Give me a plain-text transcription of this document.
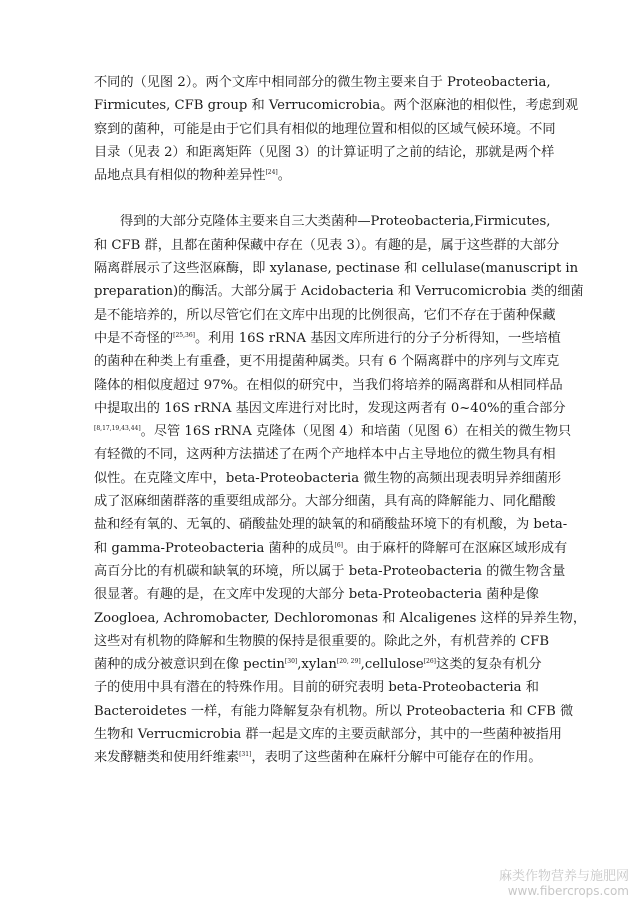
不同的（见图 2）。两个文库中相同部分的微生物主要来自于 Proteobacteria,

Firmicutes, CFB group 和 Verrucomicrobia。两个沤麻池的相似性，考虑到观

察到的菌种，可能是由于它们具有相似的地理位置和相似的区域气候环境。不同

目录（见表 2）和距离矩阵（见图 3）的计算证明了之前的结论，那就是两个样

品地点具有相似的物种差异性[24]。

得到的大部分克隆体主要来自三大类菌种—Proteobacteria,Firmicutes,

和 CFB 群，且都在菌种保藏中存在（见表 3）。有趣的是，属于这些群的大部分

隔离群展示了这些沤麻酶，即 xylanase, pectinase 和 cellulase(manuscript in

preparation)的酶活。大部分属于 Acidobacteria 和 Verrucomicrobia 类的细菌

是不能培养的，所以尽管它们在文库中出现的比例很高，它们不存在于菌种保藏

中是不奇怪的[25,36]。利用 16S rRNA 基因文库所进行的分子分析得知，一些培植

的菌种在种类上有重叠，更不用提菌种属类。只有 6 个隔离群中的序列与文库克

隆体的相似度超过 97%。在相似的研究中，当我们将培养的隔离群和从相同样品

中提取出的 16S rRNA 基因文库进行对比时，发现这两者有 0~40%的重合部分

[8,17,19,43,44]。尽管 16S rRNA 克隆体（见图 4）和培菌（见图 6）在相关的微生物只

有轻微的不同，这两种方法描述了在两个产地样本中占主导地位的微生物具有相

似性。在克隆文库中，beta-Proteobacteria 微生物的高频出现表明异养细菌形

成了沤麻细菌群落的重要组成部分。大部分细菌，具有高的降解能力、同化醋酸

盐和经有氧的、无氧的、硝酸盐处理的缺氧的和硝酸盐环境下的有机酸，为 beta-

和 gamma-Proteobacteria 菌种的成员[6]。由于麻杆的降解可在沤麻区域形成有

高百分比的有机碳和缺氧的环境，所以属于 beta-Proteobacteria 的微生物含量

很显著。有趣的是，在文库中发现的大部分 beta-Proteobacteria 菌种是像

Zoogloea, Achromobacter, Dechloromonas 和 Alcaligenes 这样的异养生物，

这些对有机物的降解和生物膜的保持是很重要的。除此之外，有机营养的 CFB

菌种的成分被意识到在像 pectin[30],xylan[20, 29],cellulose[26]这类的复杂有机分

子的使用中具有潜在的特殊作用。目前的研究表明 beta-Proteobacteria 和

Bacteroidetes 一样，有能力降解复杂有机物。所以 Proteobacteria 和 CFB 微

生物和 Verrucmicrobia 群一起是文库的主要贡献部分，其中的一些菌种被指用

来发酵糖类和使用纤维素[31]，表明了这些菌种在麻杆分解中可能存在的作用。

麻类作物营养与施肥网
www.fibercrops.com
